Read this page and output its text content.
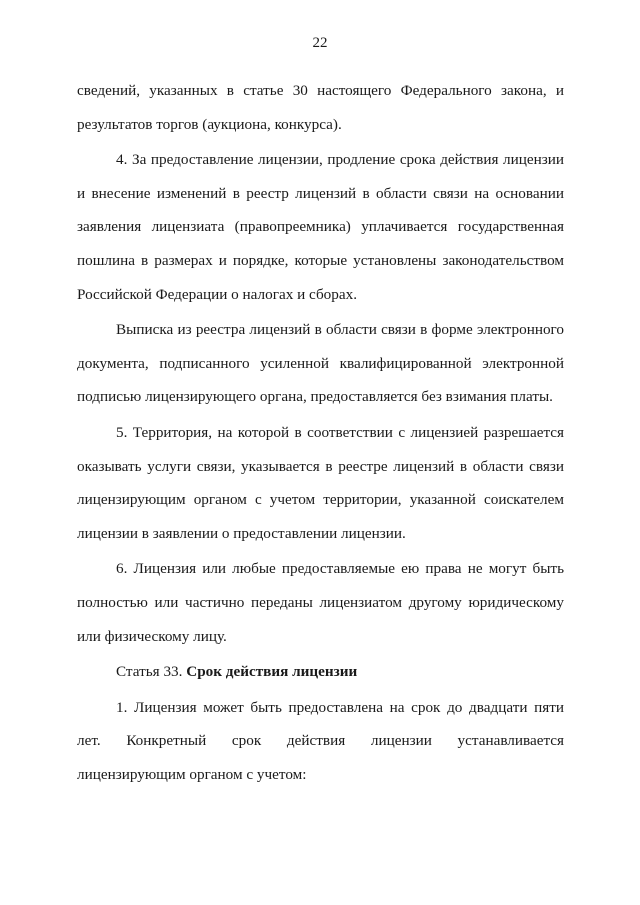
22

сведений, указанных в статье 30 настоящего Федерального закона, и результатов торгов (аукциона, конкурса).

4. За предоставление лицензии, продление срока действия лицензии и внесение изменений в реестр лицензий в области связи на основании заявления лицензиата (правопреемника) уплачивается государственная пошлина в размерах и порядке, которые установлены законодательством Российской Федерации о налогах и сборах.

Выписка из реестра лицензий в области связи в форме электронного документа, подписанного усиленной квалифицированной электронной подписью лицензирующего органа, предоставляется без взимания платы.

5. Территория, на которой в соответствии с лицензией разрешается оказывать услуги связи, указывается в реестре лицензий в области связи лицензирующим органом с учетом территории, указанной соискателем лицензии в заявлении о предоставлении лицензии.

6. Лицензия или любые предоставляемые ею права не могут быть полностью или частично переданы лицензиатом другому юридическому или физическому лицу.

Статья 33. Срок действия лицензии

1. Лицензия может быть предоставлена на срок до двадцати пяти лет. Конкретный срок действия лицензии устанавливается лицензирующим органом с учетом:
